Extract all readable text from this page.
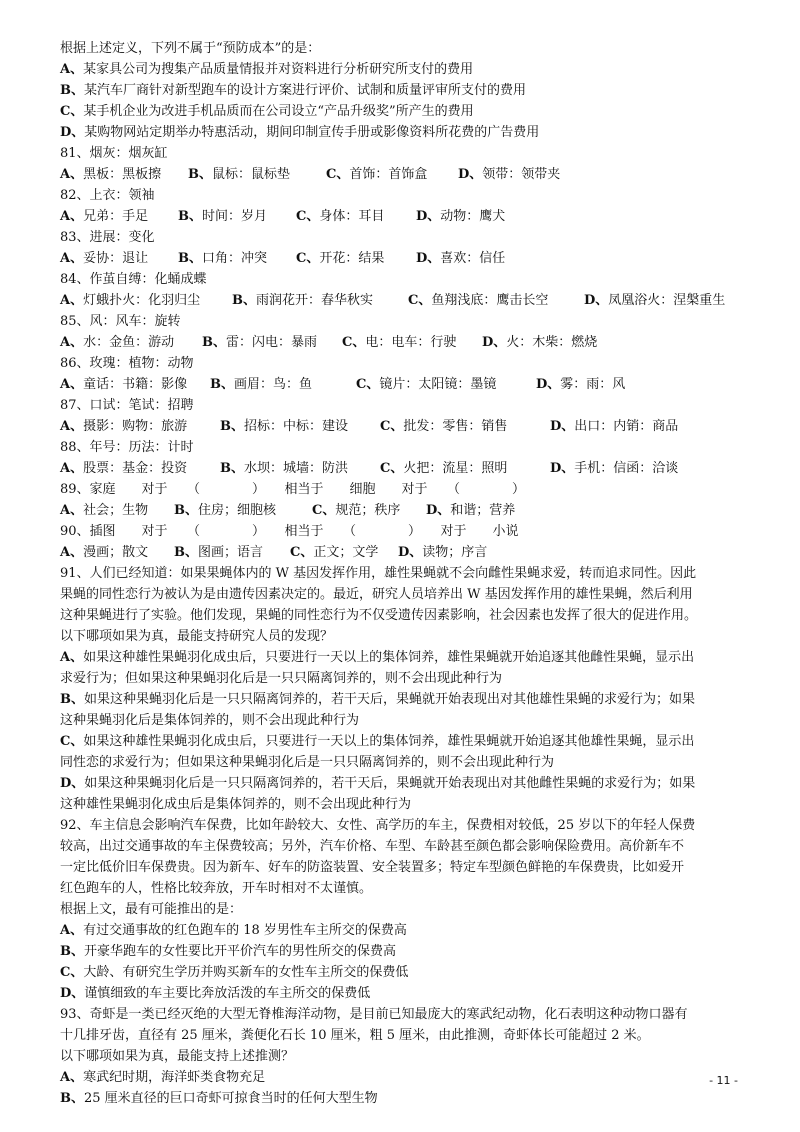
根据上述定义，下列不属于“预防成本”的是：
A、某家具公司为搜集产品质量情报并对资料进行分析研究所支付的费用
B、某汽车厂商针对新型跑车的设计方案进行评价、试制和质量评审所支付的费用
C、某手机企业为改进手机品质而在公司设立“产品升级奖”所产生的费用
D、某购物网站定期举办特惠活动，期间印制宣传手册或影像资料所花费的广告费用
81、烟灰：烟灰缸
A、黑板：黑板擦 B、鼠标：鼠标垫	C、首饰：首饰盒 D、领带：领带夹
82、上衣：领袖
A、兄弟：手足 B、时间：岁月 C、身体：耳目 D、动物：鹰犬
83、进展：变化
A、妥协：退让 B、口角：冲突 C、开花：结果 D、喜欢：信任
84、作茧自缚：化蛹成蝶
A、灯蛾扑火：化羽归尘 B、雨润花开：春华秋实	C、鱼翔浅底：鹰击长空	D、凤凰浴火：涅槃重生
85、风：风车：旋转
A、水：金鱼：游动 B、雷：闪电：暴雨 C、电：电车：行驶 D、火：木柴：燃烧
86、玫瑰：植物：动物
A、童话：书籍：影像 B、画眉：鸟：鱼	C、镜片：太阳镜：墨镜	D、雾：雨：风
87、口试：笔试：招聘
A、摄影：购物：旅游	B、招标：中标：建设 C、批发：零售：销售	D、出口：内销：商品
88、年号：历法：计时
A、股票：基金：投资	B、水坝：城墙：防洪 C、火把：流星：照明	D、手机：信函：洽谈
89、家庭　　对于　　（　　　　）　　相当于　　细胞　　对于　　（　　　　）
A、社会；生物 B、住房；细胞核	C、规范；秩序 D、和谐；营养
90、插图　　对于　　（　　　　）　　相当于　　（　　　　）　　对于　　小说
A、漫画；散文 B、图画；语言 C、正文；文学 D、读物；序言
91、人们已经知道：如果果蝇体内的 W 基因发挥作用，雄性果蝇就不会向雌性果蝇求爱，转而追求同性。因此
果蝇的同性恋行为被认为是由遗传因素决定的。最近，研究人员培养出 W 基因发挥作用的雄性果蝇，然后利用
这种果蝇进行了实验。他们发现，果蝇的同性恋行为不仅受遗传因素影响，社会因素也发挥了很大的促进作用。
以下哪项如果为真，最能支持研究人员的发现？
A、如果这种雄性果蝇羽化成虫后，只要进行一天以上的集体饲养，雄性果蝇就开始追逐其他雌性果蝇，显示出
求爱行为；但如果这种果蝇羽化后是一只只隔离饲养的，则不会出现此种行为
B、如果这种果蝇羽化后是一只只隔离饲养的，若干天后，果蝇就开始表现出对其他雄性果蝇的求爱行为；如果
这种果蝇羽化后是集体饲养的，则不会出现此种行为
C、如果这种雄性果蝇羽化成虫后，只要进行一天以上的集体饲养，雄性果蝇就开始追逐其他雄性果蝇，显示出
同性恋的求爱行为；但如果这种果蝇羽化后是一只只隔离饲养的，则不会出现此种行为
D、如果这种果蝇羽化后是一只只隔离饲养的，若干天后，果蝇就开始表现出对其他雌性果蝇的求爱行为；如果
这种雄性果蝇羽化成虫后是集体饲养的，则不会出现此种行为
92、车主信息会影响汽车保费，比如年龄较大、女性、高学历的车主，保费相对较低，25 岁以下的年轻人保费
较高，出过交通事故的车主保费较高；另外，汽车价格、车型、车龄甚至颜色都会影响保险费用。高价新车不
一定比低价旧车保费贵。因为新车、好车的防盗装置、安全装置多；特定车型颜色鲜艳的车保费贵，比如爱开
红色跑车的人，性格比较奔放，开车时相对不太谨慎。
根据上文，最有可能推出的是：
A、有过交通事故的红色跑车的 18 岁男性车主所交的保费高
B、开豪华跑车的女性要比开平价汽车的男性所交的保费高
C、大龄、有研究生学历并购买新车的女性车主所交的保费低
D、谨慎细致的车主要比奔放活泼的车主所交的保费低
93、奇虾是一类已经灭绝的大型无脊椎海洋动物，是目前已知最庞大的寒武纪动物，化石表明这种动物口器有
十几排牙齿，直径有 25 厘米，粪便化石长 10 厘米，粗 5 厘米，由此推测，奇虾体长可能超过 2 米。
以下哪项如果为真，最能支持上述推测？
A、寒武纪时期，海洋虾类食物充足
B、25 厘米直径的巨口奇虾可掠食当时的任何大型生物
- 11 -
